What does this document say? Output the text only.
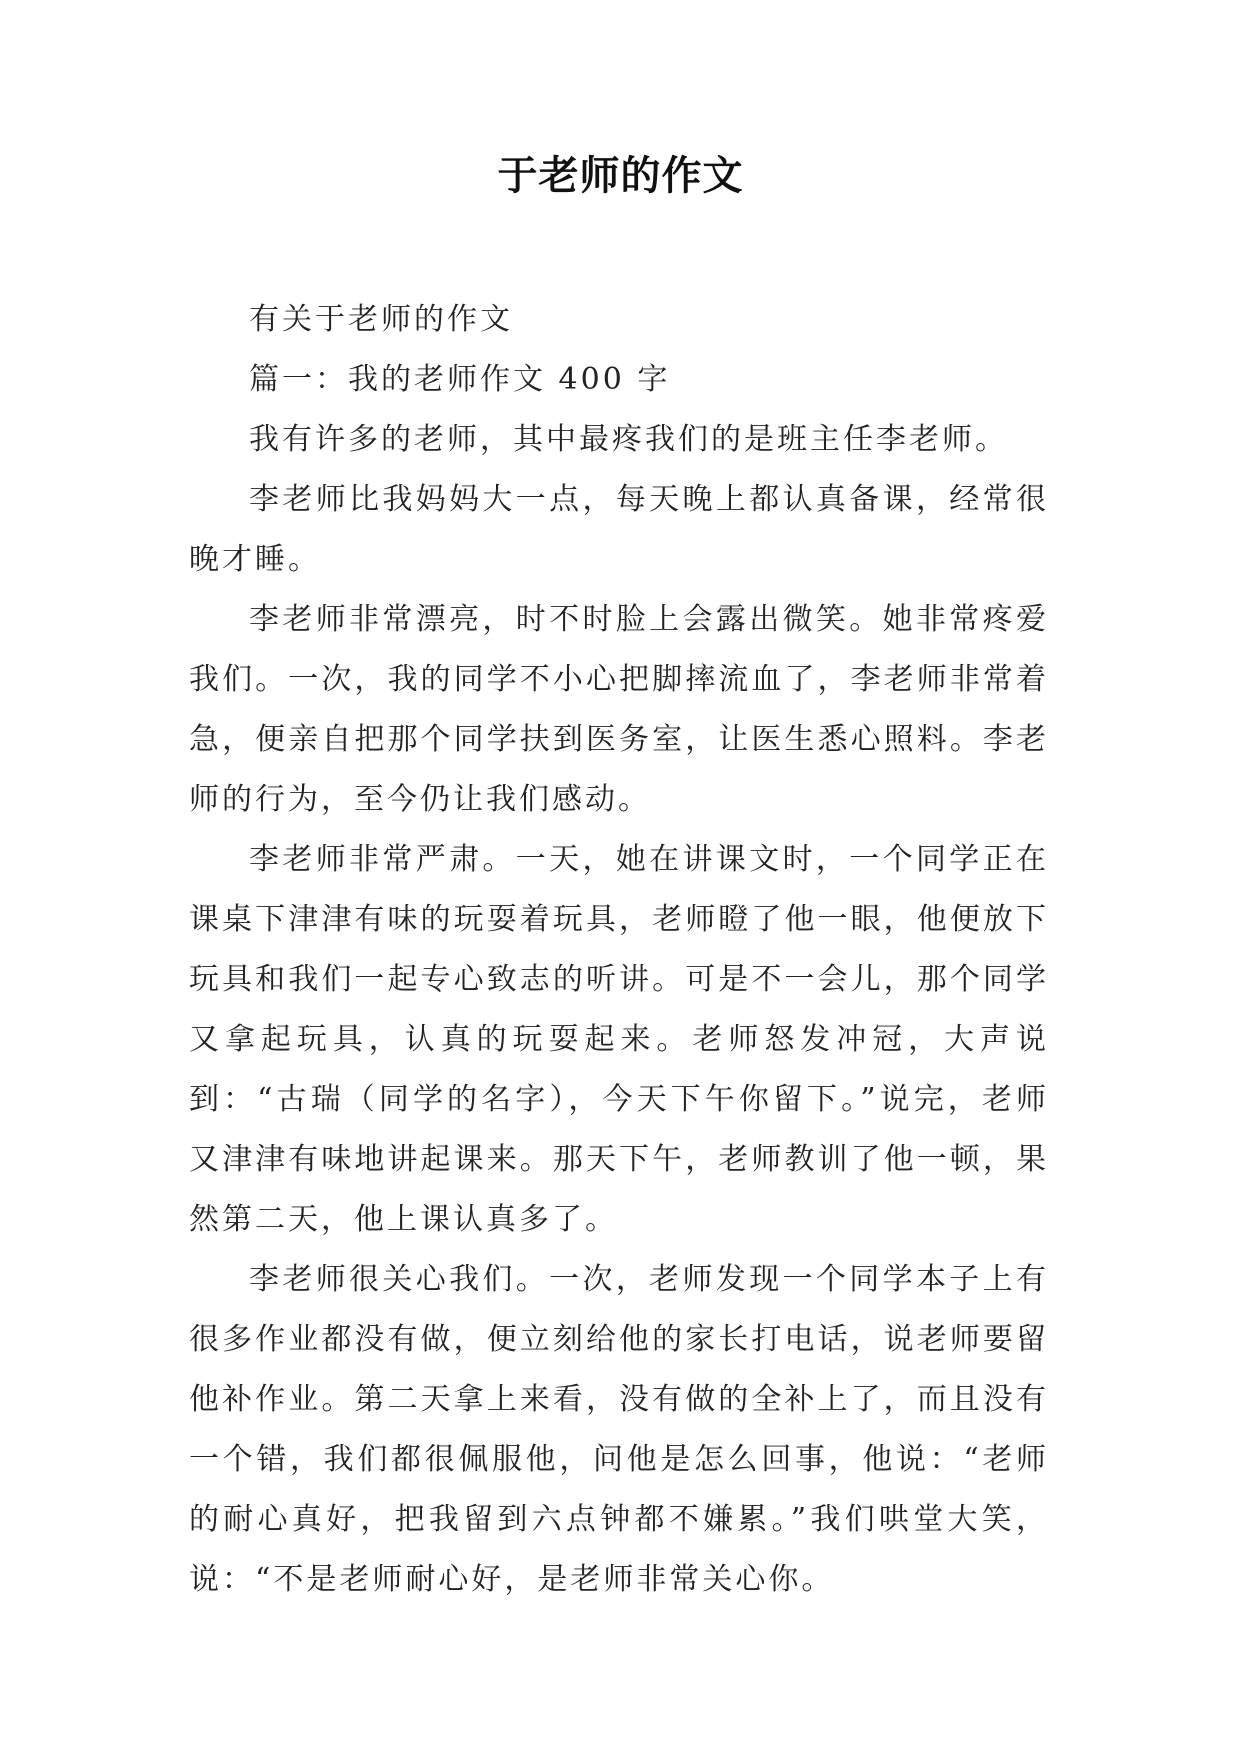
于老师的作文

有关于老师的作文

篇一：我的老师作文 400 字

我有许多的老师，其中最疼我们的是班主任李老师。

李老师比我妈妈大一点，每天晚上都认真备课，经常很晚才睡。

李老师非常漂亮，时不时脸上会露出微笑。她非常疼爱我们。一次，我的同学不小心把脚摔流血了，李老师非常着急，便亲自把那个同学扶到医务室，让医生悉心照料。李老师的行为，至今仍让我们感动。

李老师非常严肃。一天，她在讲课文时，一个同学正在课桌下津津有味的玩耍着玩具，老师瞪了他一眼，他便放下玩具和我们一起专心致志的听讲。可是不一会儿，那个同学又拿起玩具，认真的玩耍起来。老师怒发冲冠，大声说到：“古瑞（同学的名字），今天下午你留下。”说完，老师又津津有味地讲起课来。那天下午，老师教训了他一顿，果然第二天，他上课认真多了。

李老师很关心我们。一次，老师发现一个同学本子上有很多作业都没有做，便立刻给他的家长打电话，说老师要留他补作业。第二天拿上来看，没有做的全补上了，而且没有一个错，我们都很佩服他，问他是怎么回事，他说：“老师的耐心真好，把我留到六点钟都不嫌累。”我们哄堂大笑，说：“不是老师耐心好，是老师非常关心你。
